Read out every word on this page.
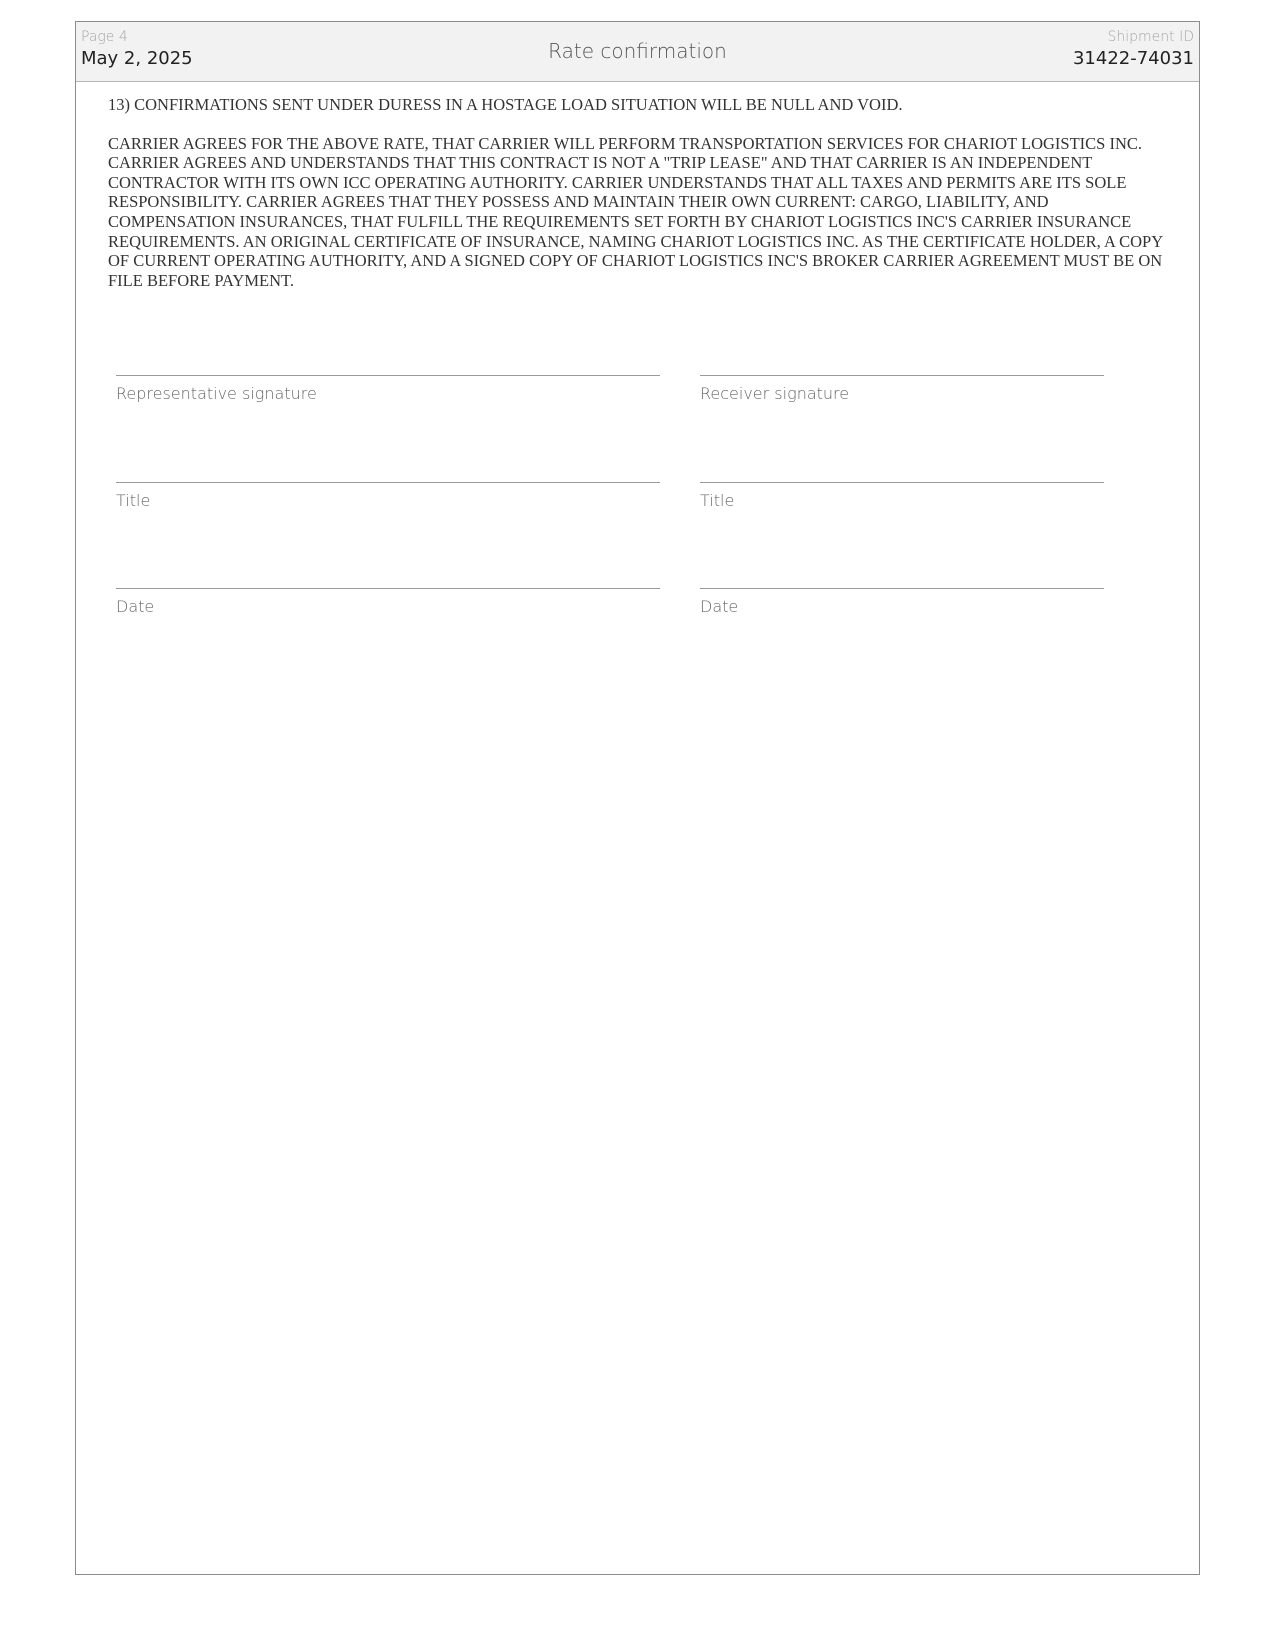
Page 4
May 2, 2025	Rate confirmation
Shipment ID
31422-74031

13) CONFIRMATIONS SENT UNDER DURESS IN A HOSTAGE LOAD SITUATION WILL BE NULL AND VOID.

CARRIER AGREES FOR THE ABOVE RATE, THAT CARRIER WILL PERFORM TRANSPORTATION SERVICES FOR CHARIOT LOGISTICS INC. CARRIER AGREES AND UNDERSTANDS THAT THIS CONTRACT IS NOT A "TRIP LEASE" AND THAT CARRIER IS AN INDEPENDENT CONTRACTOR WITH ITS OWN ICC OPERATING AUTHORITY. CARRIER UNDERSTANDS THAT ALL TAXES AND PERMITS ARE ITS SOLE RESPONSIBILITY. CARRIER AGREES THAT THEY POSSESS AND MAINTAIN THEIR OWN CURRENT: CARGO, LIABILITY, AND COMPENSATION INSURANCES, THAT FULFILL THE REQUIREMENTS SET FORTH BY CHARIOT LOGISTICS INC'S CARRIER INSURANCE REQUIREMENTS. AN ORIGINAL CERTIFICATE OF INSURANCE, NAMING CHARIOT LOGISTICS INC. AS THE CERTIFICATE HOLDER, A COPY OF CURRENT OPERATING AUTHORITY, AND A SIGNED COPY OF CHARIOT LOGISTICS INC'S BROKER CARRIER AGREEMENT MUST BE ON FILE BEFORE PAYMENT.

Representative signature
Title
Date
Receiver signature
Title
Date
